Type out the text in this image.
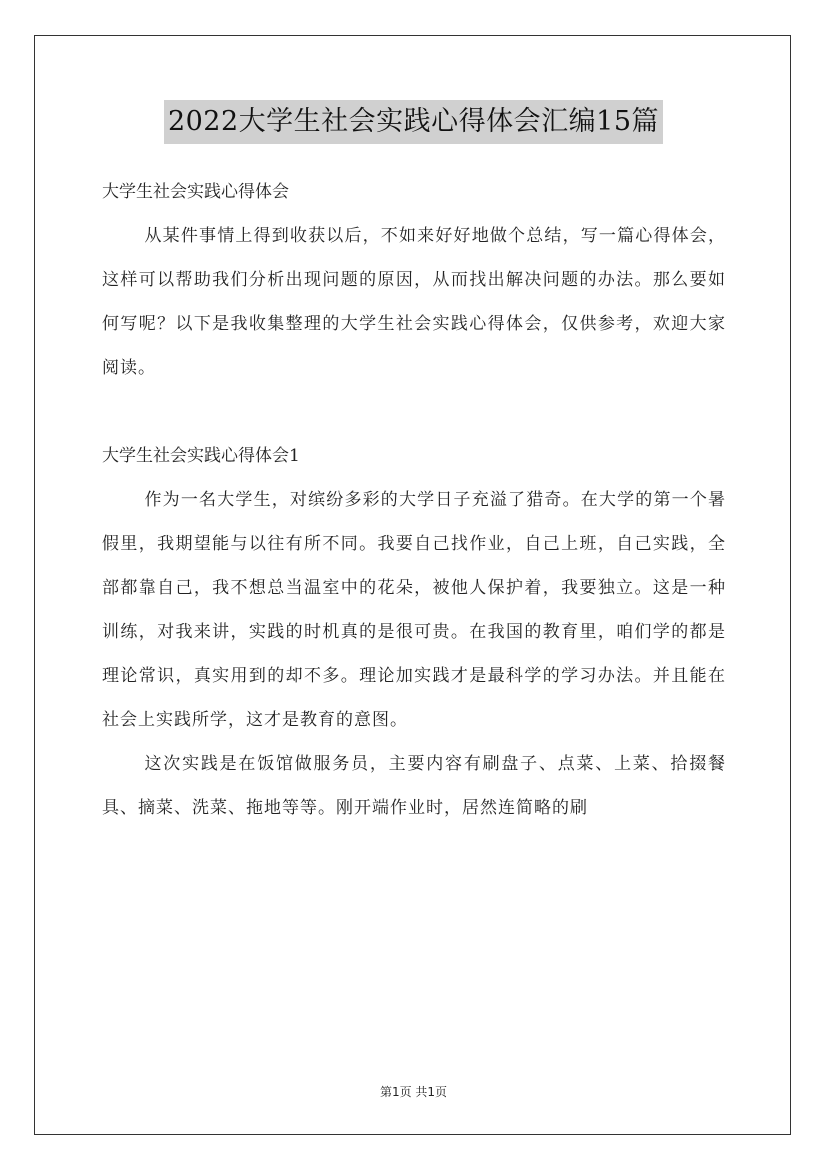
2022大学生社会实践心得体会汇编15篇

大学生社会实践心得体会

从某件事情上得到收获以后，不如来好好地做个总结，写一篇心得体会，这样可以帮助我们分析出现问题的原因，从而找出解决问题的办法。那么要如何写呢？以下是我收集整理的大学生社会实践心得体会，仅供参考，欢迎大家阅读。

大学生社会实践心得体会1

作为一名大学生，对缤纷多彩的大学日子充溢了猎奇。在大学的第一个暑假里，我期望能与以往有所不同。我要自己找作业，自己上班，自己实践，全部都靠自己，我不想总当温室中的花朵，被他人保护着，我要独立。这是一种训练，对我来讲，实践的时机真的是很可贵。在我国的教育里，咱们学的都是理论常识，真实用到的却不多。理论加实践才是最科学的学习办法。并且能在社会上实践所学，这才是教育的意图。

这次实践是在饭馆做服务员，主要内容有刷盘子、点菜、上菜、拾掇餐具、摘菜、洗菜、拖地等等。刚开端作业时，居然连简略的刷

第1页 共1页
